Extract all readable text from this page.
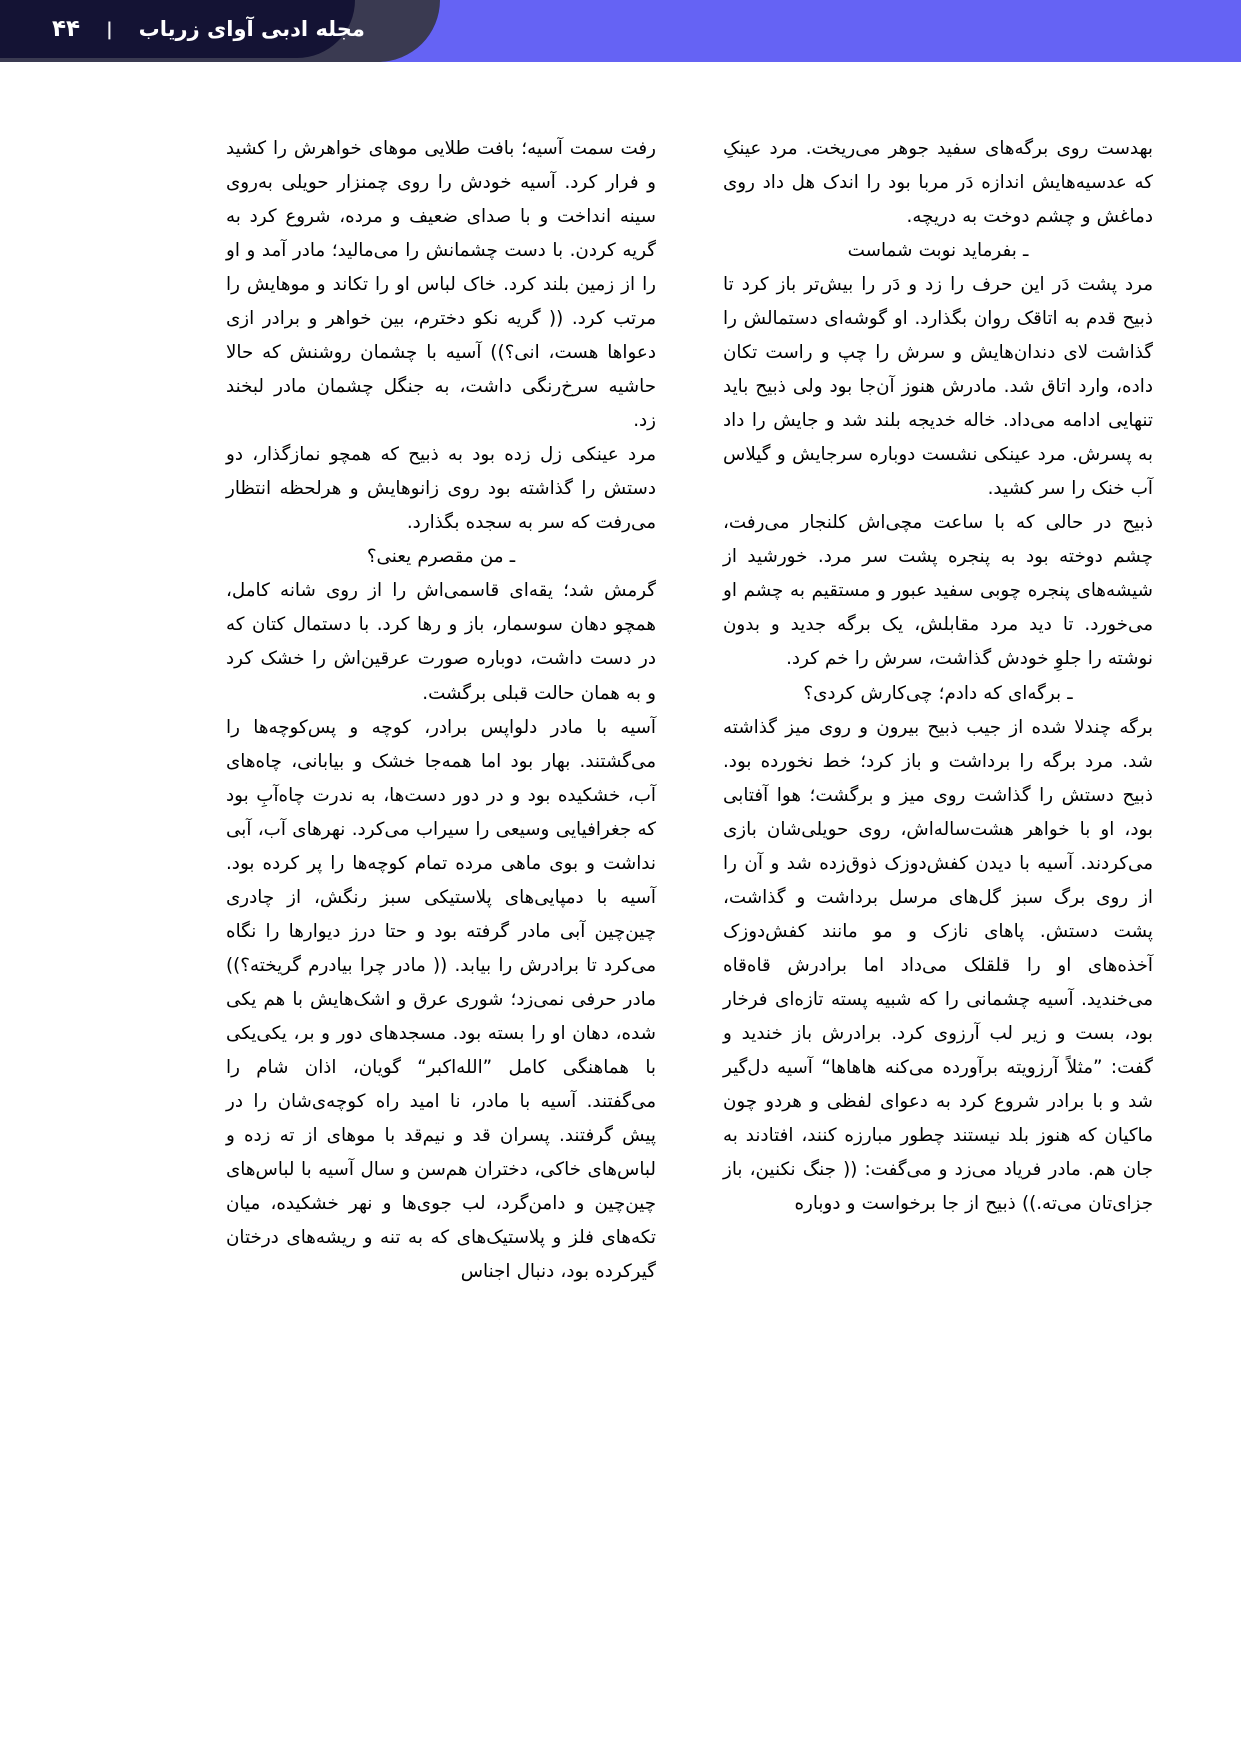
مجله ادبی آوای زریاب
|
۴۴

بهدست روی برگه‌های سفید جوهر می‌ریخت. مرد عینکِ که عدسیه‌هایش اندازه دَر مربا بود را اندک هل داد روی دماغش و چشم دوخت به دریچه.

ـ بفرماید نوبت شماست

مرد پشت دَر این حرف را زد و دَر را بیش‌تر باز کرد تا ذبیح قدم به اتاقک روان بگذارد. او گوشه‌ای دستمالش را گذاشت لای دندان‌هایش و سرش را چپ و راست تکان داده، وارد اتاق شد. مادرش هنوز آن‌جا بود ولی ذبیح باید تنهایی ادامه می‌داد. خاله خدیجه بلند شد و جایش را داد به پسرش. مرد عینکی نشست دوباره سرجایش و گیلاس آب خنک را سر کشید.

ذبیح در حالی که با ساعت مچی‌اش کلنجار می‌رفت، چشم دوخته بود به پنجره پشت سر مرد. خورشید از شیشه‌های پنجره چوبی سفید عبور و مستقیم به چشم او می‌خورد. تا دید مرد مقابلش، یک برگه جدید و بدون نوشته را جلوِ خودش گذاشت، سرش را خم کرد.

ـ برگه‌ای که دادم؛ چی‌کارش کردی؟

برگه چندلا شده از جیب ذبیح بیرون و روی میز گذاشته شد. مرد برگه را برداشت و باز کرد؛ خط نخورده بود. ذبیح دستش را گذاشت روی میز و برگشت؛ هوا آفتابی بود، او با خواهر هشت‌ساله‌اش، روی حویلی‌شان بازی می‌کردند. آسیه با دیدن کفش‌دوزک ذوق‌زده شد و آن را از روی برگ سبز گل‌های مرسل برداشت و گذاشت، پشت دستش. پاهای نازک و مو مانند کفش‌دوزک آخذه‌های او را قلقلک می‌داد اما برادرش قاه‌قاه می‌خندید. آسیه چشمانی را که شبیه پسته تازه‌ای فرخار بود، بست و زیر لب آرزوی کرد. برادرش باز خندید و گفت: ”مثلاً آرزویته برآورده می‌کنه هاهاها“ آسیه دل‌گیر شد و با برادر شروع کرد به دعوای لفظی و هردو چون ماکیان که هنوز بلد نیستند چطور مبارزه کنند، افتادند به جان هم. مادر فریاد می‌زد و می‌گفت: (( جنگ نکنین، باز جزای‌تان می‌ته.)) ذبیح از جا برخواست و دوباره

رفت سمت آسیه؛ بافت طلایی موهای خواهرش را کشید و فرار کرد. آسیه خودش را روی چمنزار حویلی به‌روی سینه انداخت و با صدای ضعیف و مرده، شروع کرد به گریه کردن. با دست چشمانش را می‌مالید؛ مادر آمد و او را از زمین بلند کرد. خاک لباس او را تکاند و موهایش را مرتب کرد. (( گریه نکو دخترم، بین خواهر و برادر ازی دعواها هست، انی؟)) آسیه با چشمان روشنش که حالا حاشیه سرخ‌رنگی داشت، به جنگل چشمان مادر لبخند زد.

مرد عینکی زل زده بود به ذبیح که همچو نمازگذار، دو دستش را گذاشته بود روی زانوهایش و هرلحظه انتظار می‌رفت که سر به سجده بگذارد.

ـ من مقصرم یعنی؟

گرمش شد؛ یقه‌ای قاسمی‌اش را از روی شانه کامل، همچو دهان سوسمار، باز و رها کرد. با دستمال کتان که در دست داشت، دوباره صورت عرقین‌اش را خشک کرد و به همان حالت قبلی برگشت.

آسیه با مادر دلواپس برادر، کوچه و پس‌کوچه‌ها را می‌گشتند. بهار بود اما همه‌جا خشک و بیابانی، چاه‌های آب، خشکیده بود و در دور دست‌ها، به ندرت چاه‌آبِ بود که جغرافیایی وسیعی را سیراب می‌کرد. نهرهای آب، آبی نداشت و بوی ماهی مرده تمام کوچه‌ها را پر کرده بود. آسیه با دمپایی‌های پلاستیکی سبز رنگش، از چادری چین‌چین آبی مادر گرفته بود و حتا درز دیوارها را نگاه می‌کرد تا برادرش را بیابد. (( مادر چرا بیادرم گریخته؟)) مادر حرفی نمی‌زد؛ شوری عرق و اشک‌هایش با هم یکی شده، دهان او را بسته بود. مسجدهای دور و بر، یکی‌یکی با هماهنگی کامل ”الله‌اکبر“ گویان، اذان شام را می‌گفتند. آسیه با مادر، نا امید راه کوچه‌ی‌شان را در پیش گرفتند. پسران قد و نیم‌قد با موهای از ته زده و لباس‌های خاکی، دختران هم‌سن و سال آسیه با لباس‌های چین‌چین و دامن‌گرد، لب جوی‌ها و نهر خشکیده، میان تکه‌های فلز و پلاستیک‌های که به تنه و ریشه‌های درختان گیر‌کرده بود، دنبال اجناس
